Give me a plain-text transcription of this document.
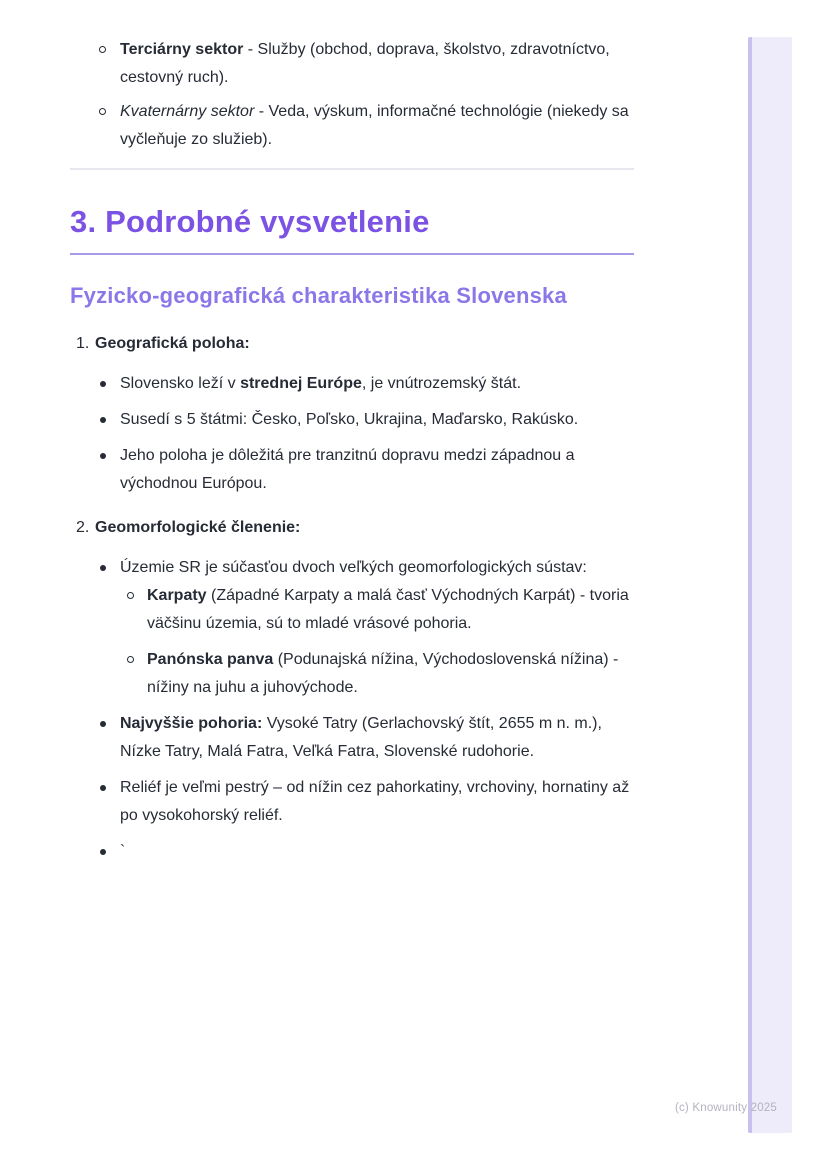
Terciárny sektor - Služby (obchod, doprava, školstvo, zdravotníctvo, cestovný ruch).
Kvaternárny sektor - Veda, výskum, informačné technológie (niekedy sa vyčleňuje zo služieb).
3. Podrobné vysvetlenie
Fyzicko-geografická charakteristika Slovenska
1. Geografická poloha:
Slovensko leží v strednej Európe, je vnútrozemský štát.
Susedí s 5 štátmi: Česko, Poľsko, Ukrajina, Maďarsko, Rakúsko.
Jeho poloha je dôležitá pre tranzitnú dopravu medzi západnou a východnou Európou.
2. Geomorfologické členenie:
Územie SR je súčasťou dvoch veľkých geomorfologických sústav:
Karpaty (Západné Karpaty a malá časť Východných Karpát) - tvoria väčšinu územia, sú to mladé vrásové pohoria.
Panónska panva (Podunajská nížina, Východoslovenská nížina) - nížiny na juhu a juhovýchode.
Najvyššie pohoria: Vysoké Tatry (Gerlachovský štít, 2655 m n. m.), Nízke Tatry, Malá Fatra, Veľká Fatra, Slovenské rudohorie.
Reliéf je veľmi pestrý – od nížin cez pahorkatiny, vrchoviny, hornatiny až po vysokohorský reliéf.
`
(c) Knowunity 2025
